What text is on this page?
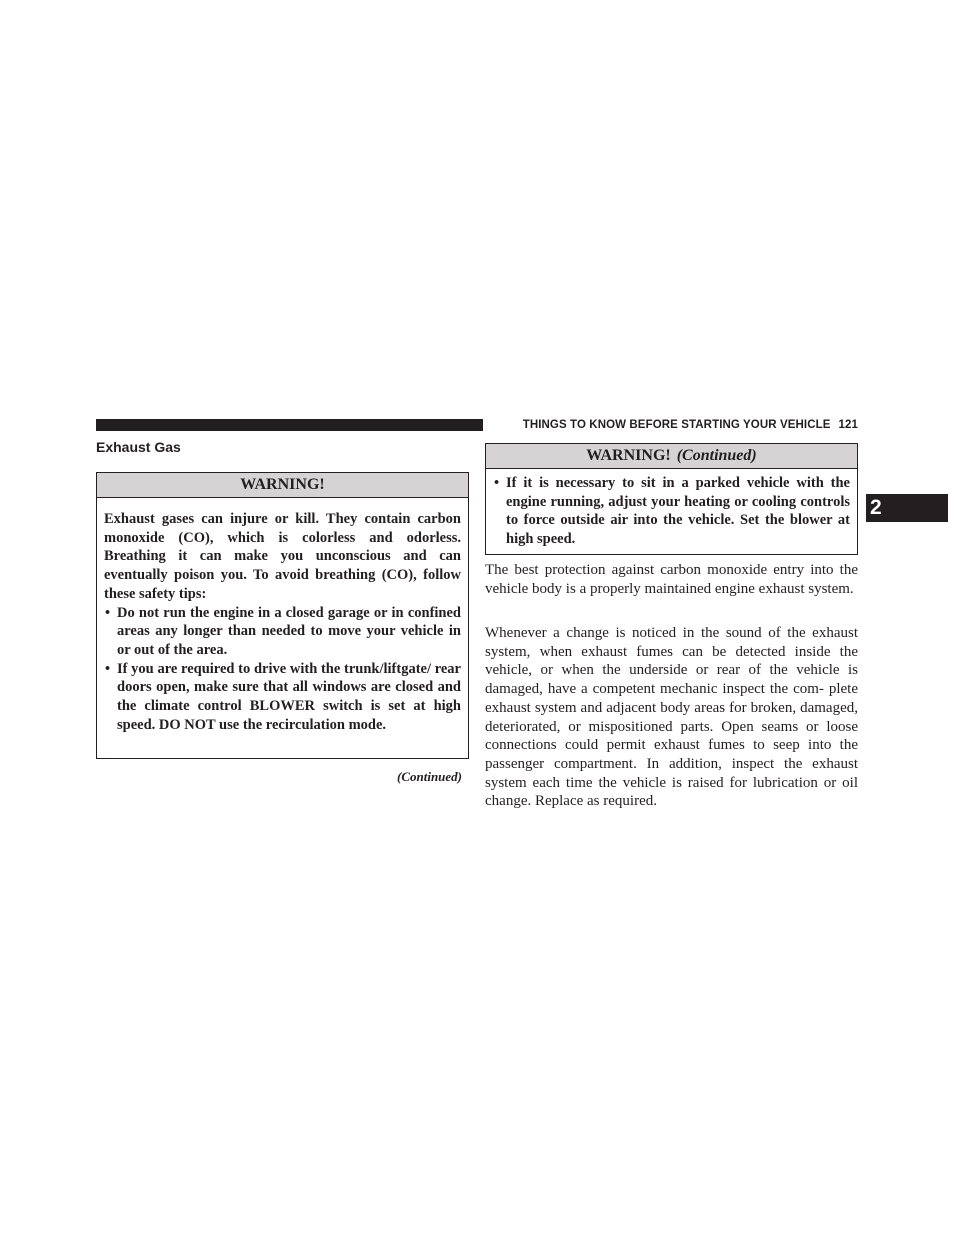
THINGS TO KNOW BEFORE STARTING YOUR VEHICLE 121
2
Exhaust Gas
WARNING!
Exhaust gases can injure or kill. They contain carbon monoxide (CO), which is colorless and odorless. Breathing it can make you unconscious and can eventually poison you. To avoid breathing (CO), follow these safety tips:
• Do not run the engine in a closed garage or in confined areas any longer than needed to move your vehicle in or out of the area.
• If you are required to drive with the trunk/liftgate/ rear doors open, make sure that all windows are closed and the climate control BLOWER switch is set at high speed. DO NOT use the recirculation mode.
(Continued)
WARNING! (Continued)
• If it is necessary to sit in a parked vehicle with the engine running, adjust your heating or cooling controls to force outside air into the vehicle. Set the blower at high speed.

The best protection against carbon monoxide entry into the vehicle body is a properly maintained engine exhaust system.

Whenever a change is noticed in the sound of the exhaust system, when exhaust fumes can be detected inside the vehicle, or when the underside or rear of the vehicle is damaged, have a competent mechanic inspect the com- plete exhaust system and adjacent body areas for broken, damaged, deteriorated, or mispositioned parts. Open seams or loose connections could permit exhaust fumes to seep into the passenger compartment. In addition, inspect the exhaust system each time the vehicle is raised for lubrication or oil change. Replace as required.
